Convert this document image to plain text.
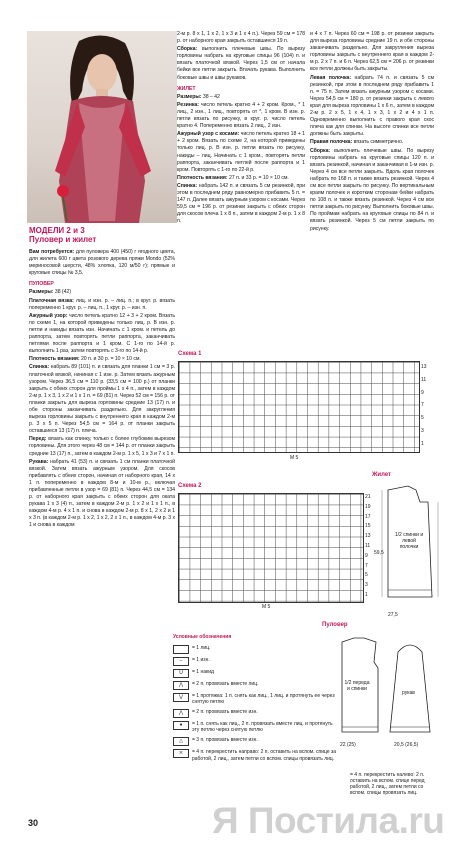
МОДЕЛИ 2 и 3
Пуловер и жилет

Вам потребуется: для пуловера 400 (450) г ягодного цвета, для жилета 600 г цвета розового дерева пряжи Mondo (52% мериносовой шерсти, 48% хлопка, 120 м/50 г); прямые и круговые спицы № 3,5.

ПУЛОВЕР

Размеры: 38 (42)

Платочная вязка: лиц. и изн. р. – лиц. п.; в круг. р. вязать попеременно 1 круг. р. – лиц. п., 1 круг. р. – изн. п.

Ажурный узор: число петель кратно 12 + 3 + 2 кром. Вязать по схеме 1, на которой приведены только лиц. р. В изн. р. петли и накиды вязать изн. Начинать с 1 кром. и петель до раппорта, затем повторять петли раппорта, заканчивать петлями после раппорта и 1 кром. С 1-го по 14-й р. выполнить 1 раз, затем повторять с 3-го по 14-й р.

Плотность вязания: 20 п. и 30 р. = 10 × 10 см.

Спинка: набрать 89 (101) п. и связать для планки 1 см = 3 р. платочной вязкой, начиная с 1 изн. р. Затем вязать ажурным узором. Через 36,5 см = 110 р. (33,5 см = 100 р.) от планки закрыть с обеих сторон для проймы 1 х 4 п., затем в каждом 2-м р. 1 х 3, 1 х 2 и 1 х 1 п. = 69 (81) п. Через 52 см = 156 р. от планки закрыть для выреза горловины средние 13 (17) п. и обе стороны заканчивать раздельно. Для закругления выреза горловины закрыть с внутреннего края в каждом 2-м р. 3 х 5 п. Через 54,5 см = 164 р. от планки закрыть оставшиеся 13 (17) п. плеча.

Перед: вязать как спинку, только с более глубоким вырезом горловины. Для этого через 48 см = 144 р. от планки закрыть средние 13 (17) п., затем в каждом 2-м р. 1 х 5, 1 х 3 и 7 х 1 п.

Рукава: набрать 41 (53) п. и связать 1 см планки платочной вязкой. Затем вязать ажурным узором. Для скосов прибавлять с обеих сторон, начиная от наборного края, 14 х 1 п. попеременно в каждом 8-м и 10-м р., включая прибавленные петли в узор = 69 (81) п. Через 44,5 см = 134 р. от наборного края закрыть с обеих сторон для оката рукава 1 х 3 (4) п., затем в каждом 2-м р. 1 х 2 и 1 х 1 п., в каждом 4-м р. 4 х 1 п. и снова в каждом 2-м р. 8 х 1, 2 х 2 и 1 х 3 п. (в каждом 2-м р. 1 х 2, 1 х 2, 2 х 1 п., в каждом 4-м р. 3 х 1 и снова в каждом

2-м р. 8 х 1, 1 х 2, 1 х 3 и 1 х 4 п.). Через 59 см = 178 р. от наборного края закрыть оставшиеся 19 п.

Сборка: выполнить плечевые швы. По вырезу горловины набрать на круговые спицы 96 (104) п. и вязать платочной вязкой. Через 1,5 см от начала бейки все петли закрыть. Втачать рукава. Выполнить боковые швы и швы рукавов.

ЖИЛЕТ

Размеры: 38 – 42

Резинка: число петель кратно 4 + 2 кром. Кром., * 1 лиц., 2 изн., 1 лиц., повторять от *, 1 кром. В изн. р. петли вязать по рисунку, в круг. р. число петель кратно 4. Попеременно вязать 2 лиц., 2 изн.

Ажурный узор с косами: число петель кратно 18 + 1 + 2 кром. Вязать по схеме 2, на которой приведены только лиц. р. В изн. р. петли вязать по рисунку, накиды – лиц. Начинать с 1 кром., повторять петли раппорта, заканчивать петлей после раппорта и 1 кром. Повторять с 1-го по 22-й р.

Плотность вязания: 27 п. и 33 р. = 10 × 10 см.

Спинка: набрать 142 п. и связать 5 см резинкой, при этом в последнем ряду равномерно прибавить 5 п. = 147 п. Далее вязать ажурным узором с косами. Через 59,5 см = 196 р. от резинки закрыть с обеих сторон для скосов плеча 1 х 8 п., затем в каждом 2-м р. 1 х 8 п.

и 4 х 7 п. Через 60 см = 198 р. от резинки закрыть для выреза горловины средние 19 п. и обе стороны заканчивать раздельно. Для закругления выреза горловины закрыть с внутреннего края в каждом 2-м р. 2 х 7 п. и 6 п. Через 62,5 см = 206 р. от резинки все петли должны быть закрыты.

Левая полочка: набрать 74 п. и связать 5 см резинкой, при этом в последнем ряду прибавить 1 п. = 75 п. Затем вязать ажурным узором с косами. Через 54,5 см = 180 р. от резинки закрыть с левого края для выреза горловины 1 х 6 п., затем в каждом 2-м р. 2 х 5, 1 х 4, 1 х 3, 1 х 2 и 4 х 1 п. Одновременно выполнить с правого края скос плеча как для спинки. На высоте спинки все петли должны быть закрыты.

Правая полочка: вязать симметрично.

Сборка: выполнить плечевые швы. По вырезу горловины набрать на круговые спицы 120 п. и вязать резинкой, начиная и заканчивая в 1-м изн. р. Через 4 см все петли закрыть. Вдоль края полочек набрать по 168 п. и также вязать резинкой. Через 4 см все петли закрыть по рисунку. По вертикальным краям полочек и коротким сторонам бейки набрать по 108 п. и также вязать резинкой. Через 4 см все петли закрыть по рисунку. Выполнить боковые швы. По проймам набрать на круговые спицы по 84 п. и вязать резинкой. Через 5 см петли закрыть по рисунку.

Схема 1
13
11
9
7
5
3
1
М 5
Схема 2
21
19
17
15
13
11
9
7
5
3
1
М 5
Жилет
1/2 спинки и левой полочки
59,5
27,5
Пуловер
1/2 переда и спинки
рукав
22 (25)	20,5 (26,5)
Условные обозначения
= 1 лиц.
–	= 1 изн.
U	= 1 накид
⋀	= 2 п. провязать вместе лиц.
⋁	= 1 протяжка: 1 п. снять как лиц., 1 лиц. и протянуть ее через снятую петлю
⋀	= 2 п. провязать вместе изн.
♦	= 1 п. снять как лиц., 2 п. провязать вместе лиц. и протянуть эту петлю через снятую петлю
△	= 3 п. провязать вместе изн.
≍	= 4 п. перекрестить направо: 2 п. оставить на вспом. спице за работой, 2 лиц., затем петли со вспом. спицы провязать лиц.
= 4 п. перекрестить налево: 2 п. оставить на вспом. спице перед работой, 2 лиц., затем петли со вспом. спицы провязать лиц.
30	Я Постила.ru
